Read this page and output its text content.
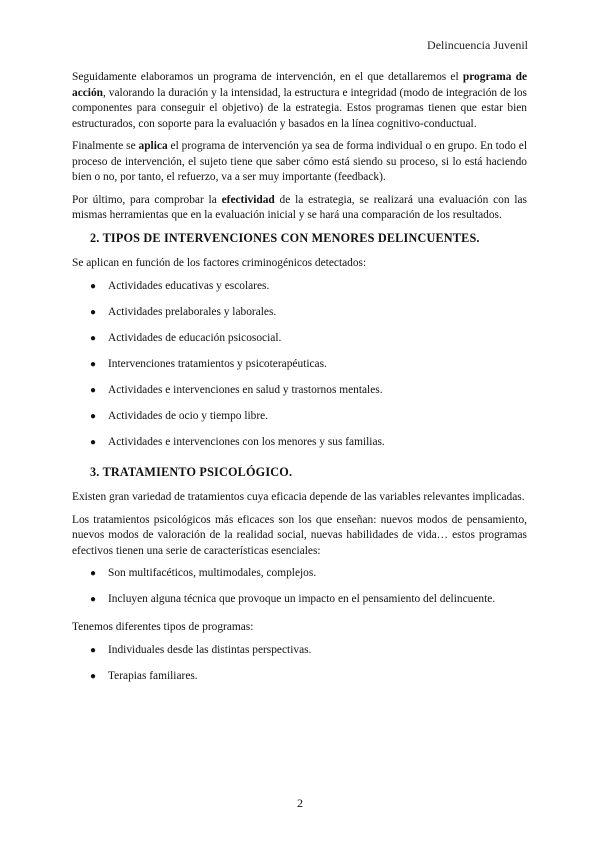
Delincuencia Juvenil

Seguidamente elaboramos un programa de intervención, en el que detallaremos el programa de acción, valorando la duración y la intensidad, la estructura e integridad (modo de integración de los componentes para conseguir el objetivo) de la estrategia. Estos programas tienen que estar bien estructurados, con soporte para la evaluación y basados en la línea cognitivo-conductual.

Finalmente se aplica el programa de intervención ya sea de forma individual o en grupo. En todo el proceso de intervención, el sujeto tiene que saber cómo está siendo su proceso, si lo está haciendo bien o no, por tanto, el refuerzo, va a ser muy importante (feedback).

Por último, para comprobar la efectividad de la estrategia, se realizará una evaluación con las mismas herramientas que en la evaluación inicial y se hará una comparación de los resultados.

2. TIPOS DE INTERVENCIONES CON MENORES DELINCUENTES.

Se aplican en función de los factores criminogénicos detectados:

● Actividades educativas y escolares.
● Actividades prelaborales y laborales.
● Actividades de educación psicosocial.
● Intervenciones tratamientos y psicoterapéuticas.
● Actividades e intervenciones en salud y trastornos mentales.
● Actividades de ocio y tiempo libre.
● Actividades e intervenciones con los menores y sus familias.
3. TRATAMIENTO PSICOLÓGICO.

Existen gran variedad de tratamientos cuya eficacia depende de las variables relevantes implicadas.

Los tratamientos psicológicos más eficaces son los que enseñan: nuevos modos de pensamiento, nuevos modos de valoración de la realidad social, nuevas habilidades de vida… estos programas efectivos tienen una serie de características esenciales:

● Son multifacéticos, multimodales, complejos.
● Incluyen alguna técnica que provoque un impacto en el pensamiento del delincuente.

Tenemos diferentes tipos de programas:

● Individuales desde las distintas perspectivas.
● Terapias familiares.
2
